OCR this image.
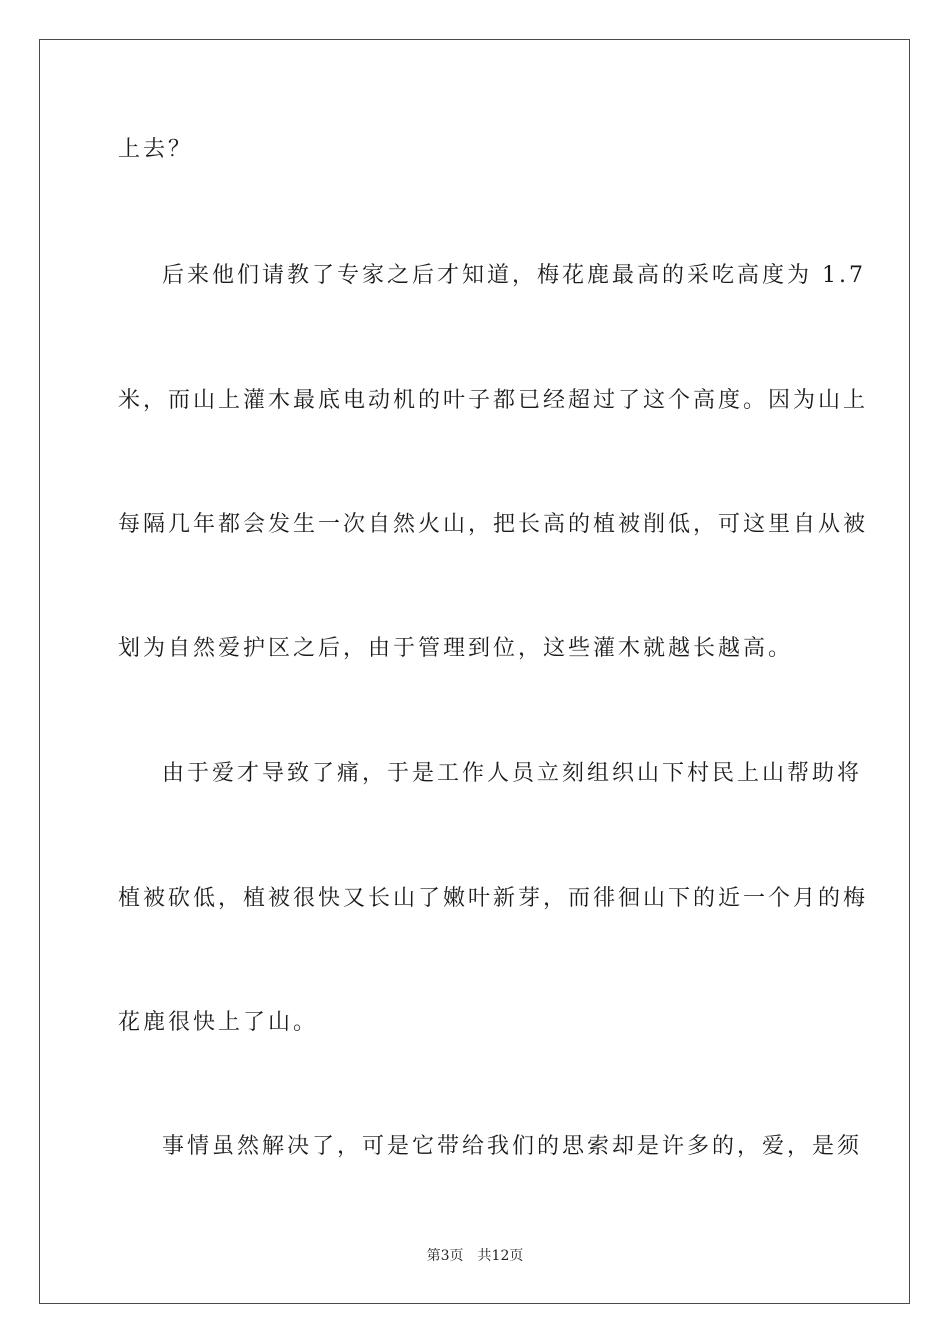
上去？
后来他们请教了专家之后才知道，梅花鹿最高的采吃高度为 1.7
米，而山上灌木最底电动机的叶子都已经超过了这个高度。因为山上
每隔几年都会发生一次自然火山，把长高的植被削低，可这里自从被
划为自然爱护区之后，由于管理到位，这些灌木就越长越高。
由于爱才导致了痛，于是工作人员立刻组织山下村民上山帮助将
植被砍低，植被很快又长山了嫩叶新芽，而徘徊山下的近一个月的梅
花鹿很快上了山。
事情虽然解决了，可是它带给我们的思索却是许多的，爱，是须
第3页　共12页
